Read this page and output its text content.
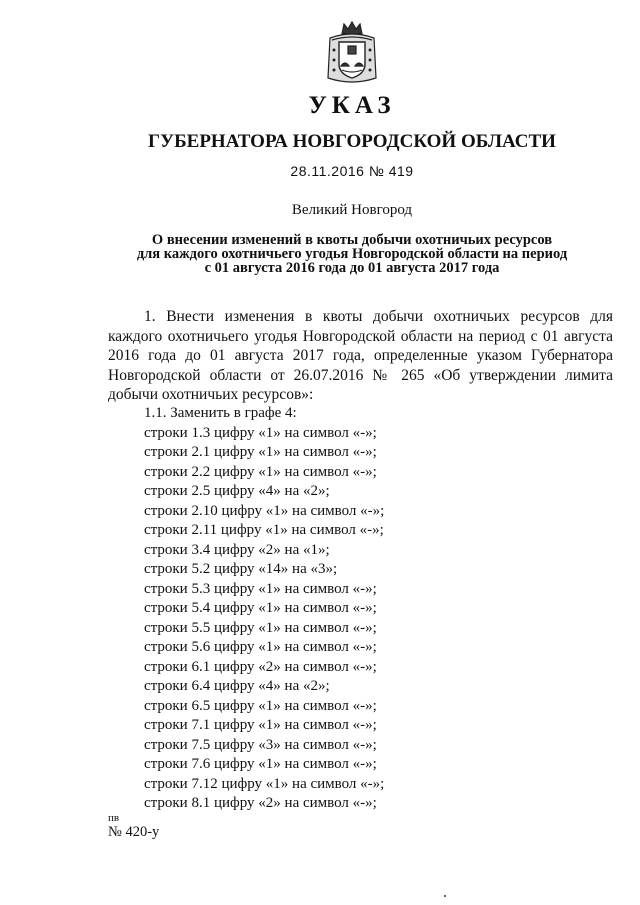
УКАЗ
ГУБЕРНАТОРА НОВГОРОДСКОЙ ОБЛАСТИ
28.11.2016 № 419
Великий Новгород
О внесении изменений в квоты добычи охотничьих ресурсов
для каждого охотничьего угодья Новгородской области на период
с 01 августа 2016 года до 01 августа 2017 года
1. Внести изменения в квоты добычи охотничьих ресурсов для каждого охотничьего угодья Новгородской области на период с 01 августа 2016 года до 01 августа 2017 года, определенные указом Губернатора Новгородской области от 26.07.2016 № 265 «Об утверждении лимита добычи охотничьих ресурсов»:
1.1. Заменить в графе 4:
строки 1.3 цифру «1» на символ «-»;
строки 2.1 цифру «1» на символ «-»;
строки 2.2 цифру «1» на символ «-»;
строки 2.5 цифру «4» на «2»;
строки 2.10 цифру «1» на символ «-»;
строки 2.11 цифру «1» на символ «-»;
строки 3.4 цифру «2» на «1»;
строки 5.2 цифру «14» на «3»;
строки 5.3 цифру «1» на символ «-»;
строки 5.4 цифру «1» на символ «-»;
строки 5.5 цифру «1» на символ «-»;
строки 5.6 цифру «1» на символ «-»;
строки 6.1 цифру «2» на символ «-»;
строки 6.4 цифру «4» на «2»;
строки 6.5 цифру «1» на символ «-»;
строки 7.1 цифру «1» на символ «-»;
строки 7.5 цифру «3» на символ «-»;
строки 7.6 цифру «1» на символ «-»;
строки 7.12 цифру «1» на символ «-»;
строки 8.1 цифру «2» на символ «-»;
пв
№ 420-у
